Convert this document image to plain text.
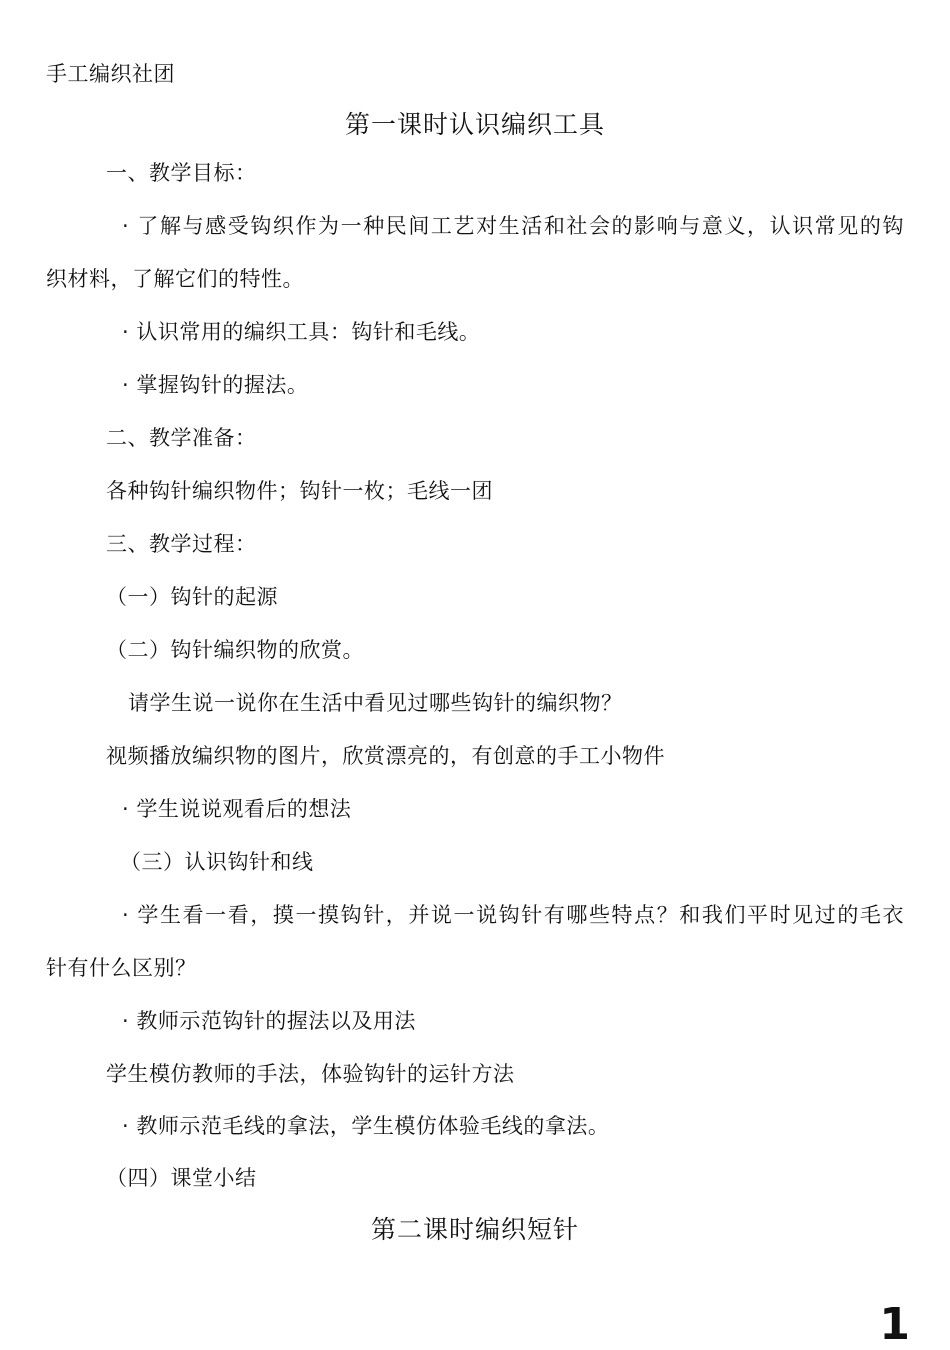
手工编织社团
第一课时认识编织工具
一、教学目标：
· 了解与感受钩织作为一种民间工艺对生活和社会的影响与意义，认识常见的钩
织材料，了解它们的特性。
· 认识常用的编织工具：钩针和毛线。
· 掌握钩针的握法。
二、教学准备：
各种钩针编织物件；钩针一枚；毛线一团
三、教学过程：
（一）钩针的起源
（二）钩针编织物的欣赏。
请学生说一说你在生活中看见过哪些钩针的编织物？
视频播放编织物的图片，欣赏漂亮的，有创意的手工小物件
· 学生说说观看后的想法
（三）认识钩针和线
· 学生看一看，摸一摸钩针，并说一说钩针有哪些特点？和我们平时见过的毛衣
针有什么区别？
· 教师示范钩针的握法以及用法
学生模仿教师的手法，体验钩针的运针方法
· 教师示范毛线的拿法，学生模仿体验毛线的拿法。
（四）课堂小结
第二课时编织短针
1
